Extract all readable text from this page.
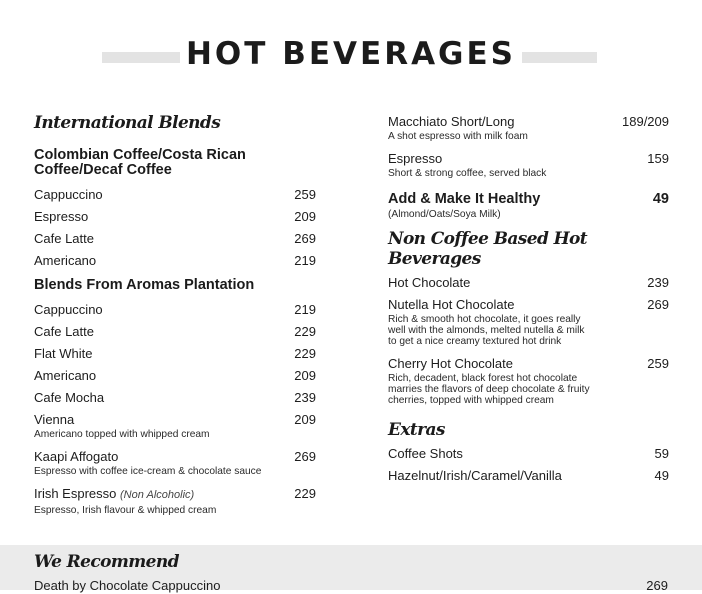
HOT BEVERAGES
International Blends
Colombian Coffee/Costa Rican
Coffee/Decaf Coffee
Cappuccino	259
Espresso	209
Cafe Latte	269
Americano	219
Blends From Aromas Plantation
Cappuccino	219
Cafe Latte	229
Flat White	229
Americano	209
Cafe Mocha	239
Vienna	209
Americano topped with whipped cream
Kaapi Affogato	269
Espresso with coffee ice-cream & chocolate sauce
Irish Espresso (Non Alcoholic)	229
Espresso, Irish flavour & whipped cream
Macchiato Short/Long	189/209
A shot espresso with milk foam
Espresso	159
Short & strong coffee, served black
Add & Make It Healthy	49
(Almond/Oats/Soya Milk)
Non Coffee Based Hot Beverages
Hot Chocolate	239
Nutella Hot Chocolate	269
Rich & smooth hot chocolate, it goes really
well with the almonds, melted nutella & milk
to get a nice creamy textured hot drink
Cherry Hot Chocolate	259
Rich, decadent, black forest hot chocolate
marries the flavors of deep chocolate & fruity
cherries, topped with whipped cream
Extras
Coffee Shots	59
Hazelnut/Irish/Caramel/Vanilla	49
We Recommend
Death by Chocolate Cappuccino	269
